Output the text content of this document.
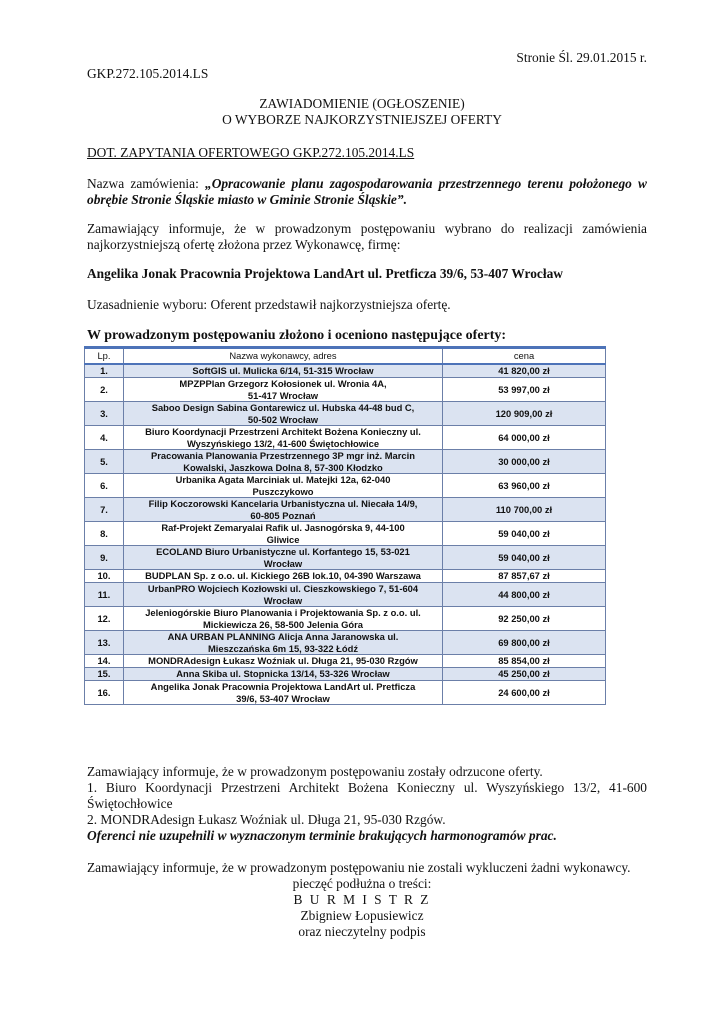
Stronie Śl. 29.01.2015 r.
GKP.272.105.2014.LS
ZAWIADOMIENIE (OGŁOSZENIE)
O WYBORZE NAJKORZYSTNIEJSZEJ OFERTY
DOT. ZAPYTANIA OFERTOWEGO GKP.272.105.2014.LS
Nazwa zamówienia: „Opracowanie planu zagospodarowania przestrzennego terenu położonego w obrębie Stronie Śląskie miasto w Gminie Stronie Śląskie”.
Zamawiający informuje, że w prowadzonym postępowaniu wybrano do realizacji zamówienia najkorzystniejszą ofertę złożona przez Wykonawcę, firmę:
Angelika Jonak Pracownia Projektowa LandArt ul. Pretficza 39/6, 53-407 Wrocław
Uzasadnienie wyboru: Oferent przedstawił najkorzystniejsza ofertę.
W prowadzonym postępowaniu złożono i oceniono następujące oferty:
Lp.	Nazwa wykonawcy, adres	cena
1.	SoftGIS ul. Mulicka 6/14, 51-315 Wrocław	41 820,00 zł
2.	MPZPPlan Grzegorz Kołosionek ul. Wronia 4A,
51-417 Wrocław	53 997,00 zł
3.	Saboo Design Sabina Gontarewicz ul. Hubska 44-48 bud C,
50-502 Wrocław	120 909,00 zł
4.	Biuro Koordynacji Przestrzeni Architekt Bożena Konieczny ul.
Wyszyńskiego 13/2, 41-600 Świętochłowice	64 000,00 zł
5.	Pracowania Planowania Przestrzennego 3P mgr inż. Marcin
Kowalski, Jaszkowa Dolna 8, 57-300 Kłodzko	30 000,00 zł
6.	Urbanika Agata Marciniak ul. Matejki 12a, 62-040
Puszczykowo	63 960,00 zł
7.	Filip Koczorowski Kancelaria Urbanistyczna ul. Niecała 14/9,
60-805 Poznań	110 700,00 zł
8.	Raf-Projekt Zemaryalai Rafik ul. Jasnogórska 9, 44-100
Gliwice	59 040,00 zł
9.	ECOLAND Biuro Urbanistyczne ul. Korfantego 15, 53-021
Wrocław	59 040,00 zł
10.	BUDPLAN Sp. z o.o. ul. Kickiego 26B lok.10, 04-390 Warszawa	87 857,67 zł
11.	UrbanPRO Wojciech Kozłowski ul. Cieszkowskiego 7, 51-604
Wrocław	44 800,00 zł
12.	Jeleniogórskie Biuro Planowania i Projektowania Sp. z o.o. ul.
Mickiewicza 26, 58-500 Jelenia Góra	92 250,00 zł
13.	ANA URBAN PLANNING Alicja Anna Jaranowska ul.
Mieszczańska 6m 15, 93-322 Łódź	69 800,00 zł
14.	MONDRAdesign Łukasz Woźniak ul. Długa 21, 95-030 Rzgów	85 854,00 zł
15.	Anna Skiba ul. Stopnicka 13/14, 53-326 Wrocław	45 250,00 zł
16.	Angelika Jonak Pracownia Projektowa LandArt ul. Pretficza
39/6, 53-407 Wrocław	24 600,00 zł
Zamawiający informuje, że w prowadzonym postępowaniu zostały odrzucone oferty.
1. Biuro Koordynacji Przestrzeni Architekt Bożena Konieczny ul. Wyszyńskiego 13/2, 41-600 Świętochłowice
2. MONDRAdesign Łukasz Woźniak ul. Długa 21, 95-030 Rzgów.
Oferenci nie uzupełnili w wyznaczonym terminie brakujących harmonogramów prac.
Zamawiający informuje, że w prowadzonym postępowaniu nie zostali wykluczeni żadni wykonawcy.
pieczęć podłużna o treści:
B U R M I S T R Z
Zbigniew Łopusiewicz
oraz nieczytelny podpis
